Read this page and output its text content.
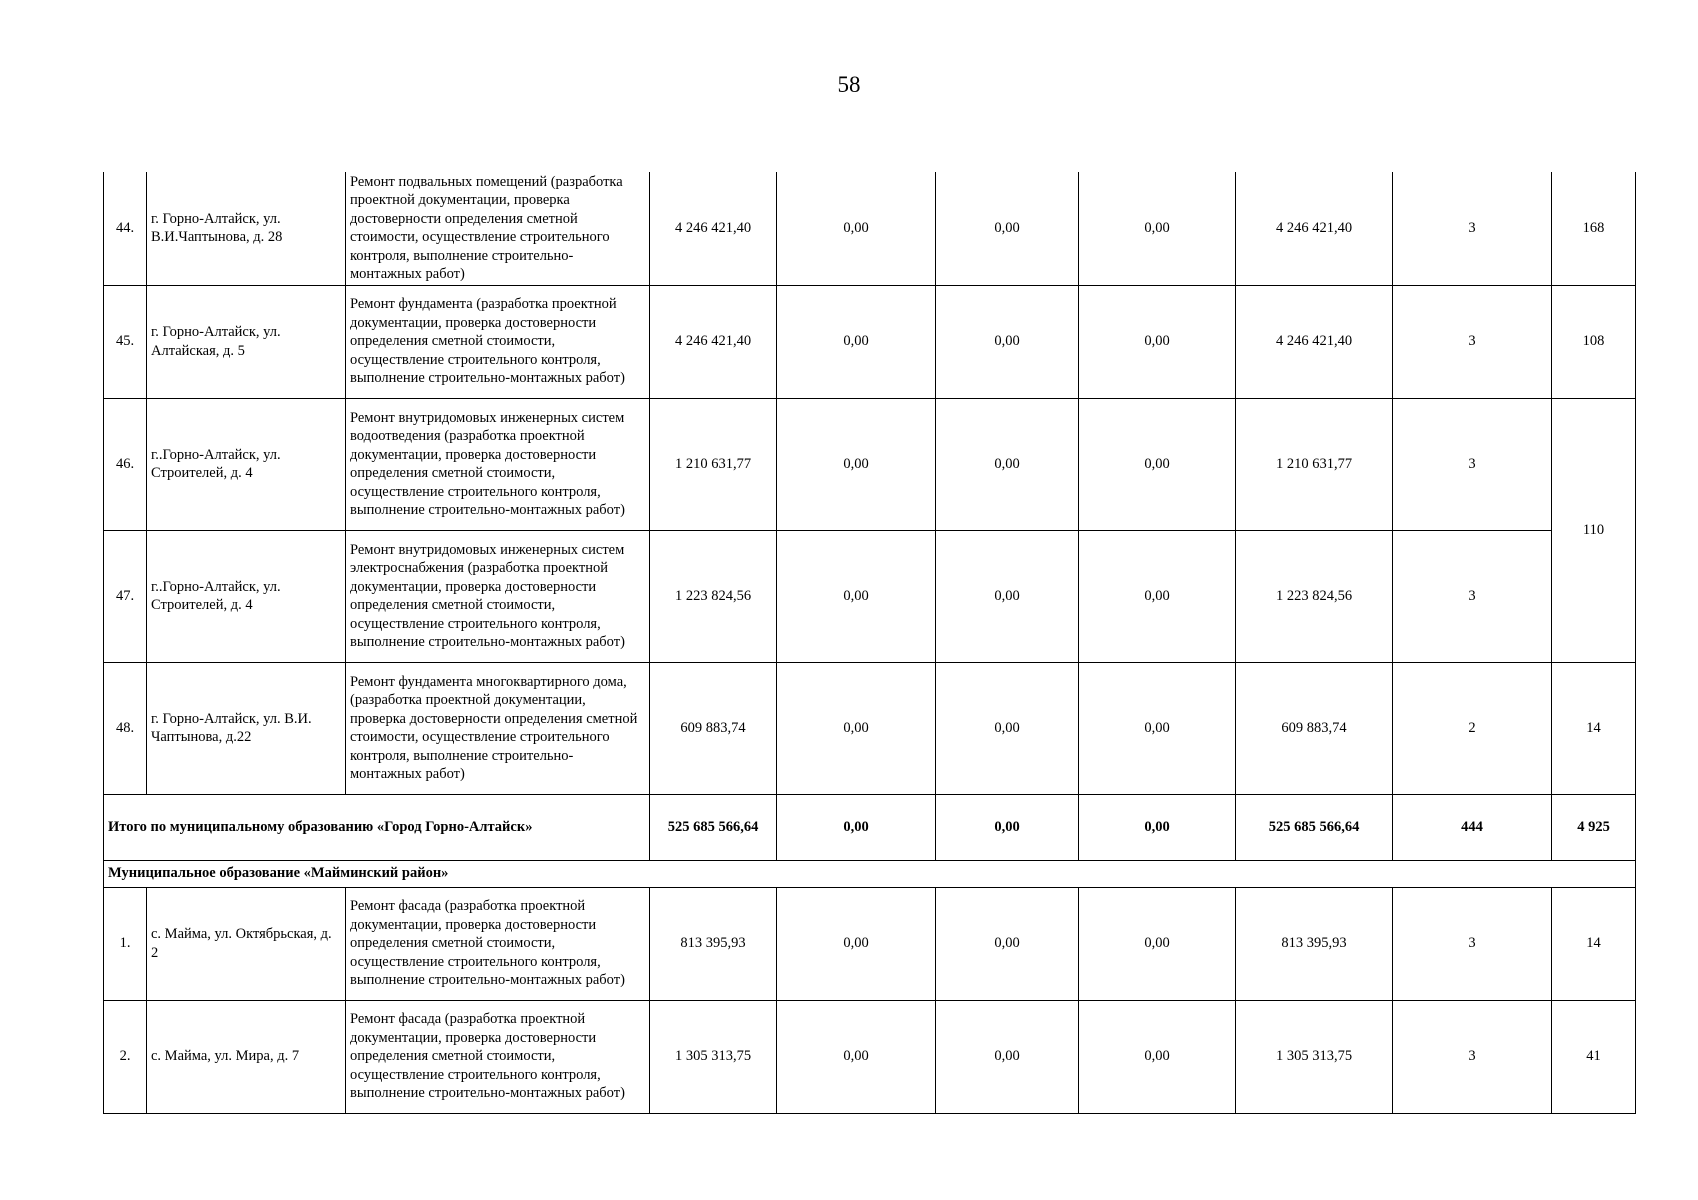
58
44.	г. Горно-Алтайск, ул. В.И.Чаптынова, д. 28	Ремонт подвальных помещений (разработка проектной документации, проверка достоверности определения сметной стоимости, осуществление строительного контроля, выполнение строительно-монтажных работ)	4 246 421,40	0,00	0,00	0,00	4 246 421,40	3	168
45.	г. Горно-Алтайск, ул. Алтайская, д. 5	Ремонт фундамента (разработка проектной документации, проверка достоверности определения сметной стоимости, осуществление строительного контроля, выполнение строительно-монтажных работ)	4 246 421,40	0,00	0,00	0,00	4 246 421,40	3	108
46.	г..Горно-Алтайск, ул. Строителей, д. 4	Ремонт внутридомовых инженерных систем водоотведения (разработка проектной документации, проверка достоверности определения сметной стоимости, осуществление строительного контроля, выполнение строительно-монтажных работ)	1 210 631,77	0,00	0,00	0,00	1 210 631,77	3	110
47.	г..Горно-Алтайск, ул. Строителей, д. 4	Ремонт внутридомовых инженерных систем электроснабжения (разработка проектной документации, проверка достоверности определения сметной стоимости, осуществление строительного контроля, выполнение строительно-монтажных работ)	1 223 824,56	0,00	0,00	0,00	1 223 824,56	3	
48.	г. Горно-Алтайск, ул. В.И. Чаптынова, д.22	Ремонт фундамента многоквартирного дома, (разработка проектной документации, проверка достоверности определения сметной стоимости, осуществление строительного контроля, выполнение строительно-монтажных работ)	609 883,74	0,00	0,00	0,00	609 883,74	2	14
Итого по муниципальному образованию «Город Горно-Алтайск»			525 685 566,64	0,00	0,00	0,00	525 685 566,64	444	4 925
Муниципальное образование «Майминский район»									
1.	с. Майма, ул. Октябрьская, д. 2	Ремонт фасада (разработка проектной документации, проверка достоверности определения сметной стоимости, осуществление строительного контроля, выполнение строительно-монтажных работ)	813 395,93	0,00	0,00	0,00	813 395,93	3	14
2.	с. Майма, ул. Мира, д. 7	Ремонт фасада (разработка проектной документации, проверка достоверности определения сметной стоимости, осуществление строительного контроля, выполнение строительно-монтажных работ)	1 305 313,75	0,00	0,00	0,00	1 305 313,75	3	41
